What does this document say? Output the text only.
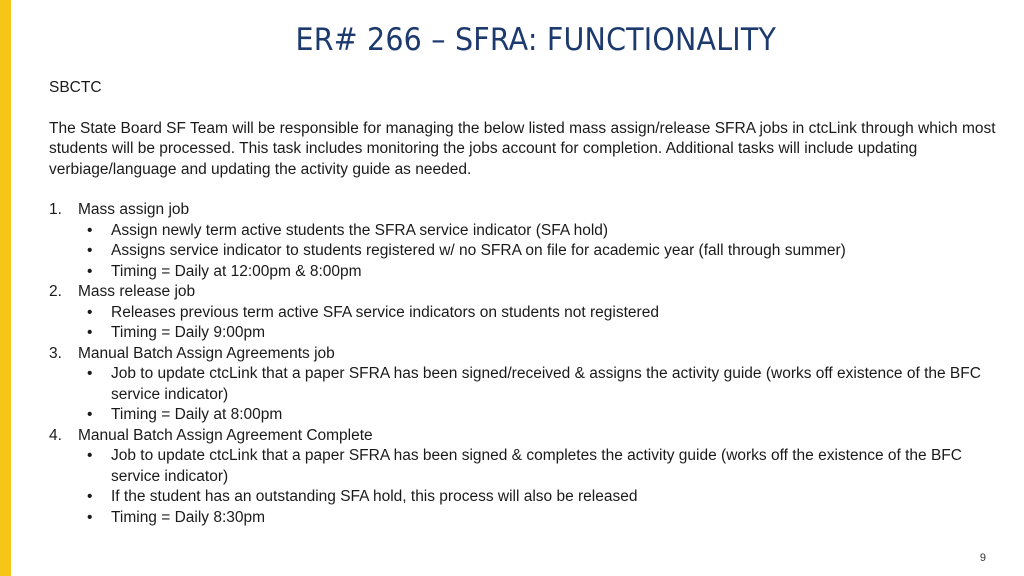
ER# 266 – SFRA: FUNCTIONALITY

SBCTC

The State Board SF Team will be responsible for managing the below listed mass assign/release SFRA jobs in ctcLink through which most students will be processed. This task includes monitoring the jobs account for completion. Additional tasks will include updating verbiage/language and updating the activity guide as needed.

1. Mass assign job
• Assign newly term active students the SFRA service indicator (SFA hold)
• Assigns service indicator to students registered w/ no SFRA on file for academic year (fall through summer)
• Timing = Daily at 12:00pm & 8:00pm
2. Mass release job
• Releases previous term active SFA service indicators on students not registered
• Timing = Daily 9:00pm
3. Manual Batch Assign Agreements job
• Job to update ctcLink that a paper SFRA has been signed/received & assigns the activity guide (works off existence of the BFC service indicator)
• Timing = Daily at 8:00pm
4. Manual Batch Assign Agreement Complete
• Job to update ctcLink that a paper SFRA has been signed & completes the activity guide (works off the existence of the BFC service indicator)
• If the student has an outstanding SFA hold, this process will also be released
• Timing = Daily 8:30pm
9
